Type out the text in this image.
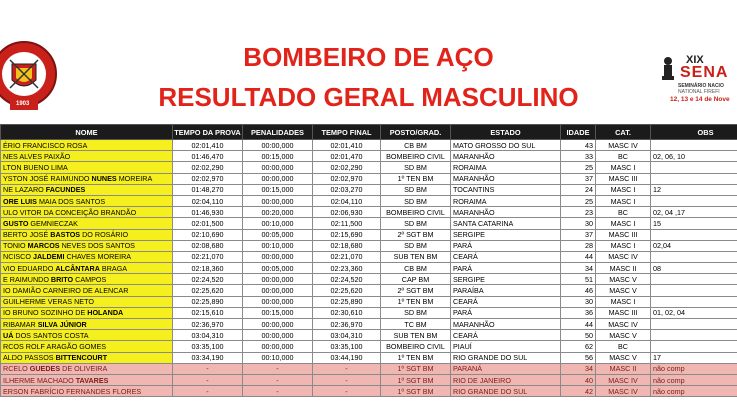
1903
XIX
SENA
SEMINÁRIO NACIO
NATIONAL FIREFI
12, 13 e 14 de Nove
BOMBEIRO DE AÇO
RESULTADO GERAL MASCULINO
NOME	TEMPO DA PROVA	PENALIDADES	TEMPO FINAL	POSTO/GRAD.	ESTADO	IDADE	CAT.	OBS
ÉRIO FRANCISCO ROSA	02:01,410	00:00,000	02:01,410	CB BM	MATO GROSSO DO SUL	43	MASC IV	
NES ALVES PAIXÃO	01:46,470	00:15,000	02:01,470	BOMBEIRO CIVIL	MARANHÃO	33	BC	02, 06, 10
LTON BUENO LIMA	02:02,290	00:00,000	02:02,290	SD BM	RORAIMA	25	MASC I	
YSTON JOSÉ RAIMUNDO NUNES MOREIRA	02:02,970	00:00,000	02:02,970	1º TEN BM	MARANHÃO	37	MASC III	
NE LAZARO FACUNDES	01:48,270	00:15,000	02:03,270	SD BM	TOCANTINS	24	MASC I	12
ORE LUIS MAIA DOS SANTOS	02:04,110	00:00,000	02:04,110	SD BM	RORAIMA	25	MASC I	
ULO VITOR DA CONCEIÇÃO BRANDÃO	01:46,930	00:20,000	02:06,930	BOMBEIRO CIVIL	MARANHÃO	23	BC	02, 04 ,17
GUSTO GEMNIECZAK	02:01,500	00:10,000	02:11,500	SD BM	SANTA CATARINA	30	MASC I	15
BERTO JOSÉ BASTOS DO ROSÁRIO	02:10,690	00:05,000	02:15,690	2º SGT BM	SERGIPE	37	MASC III	
TONIO MARCOS NEVES DOS SANTOS	02:08,680	00:10,000	02:18,680	SD BM	PARÁ	28	MASC I	02,04
NCISCO JALDEMI CHAVES MOREIRA	02:21,070	00:00,000	02:21,070	SUB TEN BM	CEARÁ	44	MASC IV	
VIO EDUARDO ALCÂNTARA BRAGA	02:18,360	00:05,000	02:23,360	CB BM	PARÁ	34	MASC II	08
E RAIMUNDO BRITO CAMPOS	02:24,520	00:00,000	02:24,520	CAP BM	SERGIPE	51	MASC V	
IO DAMIÃO CARNEIRO DE ALENCAR	02:25,620	00:00,000	02:25,620	2º SGT BM	PARAÍBA	46	MASC V	
GUILHERME VERAS NETO	02:25,890	00:00,000	02:25,890	1º TEN BM	CEARÁ	30	MASC I	
IO BRUNO SOZINHO DE HOLANDA	02:15,610	00:15,000	02:30,610	SD BM	PARÁ	36	MASC III	01, 02, 04
RIBAMAR SILVA JÚNIOR	02:36,970	00:00,000	02:36,970	TC BM	MARANHÃO	44	MASC IV	
UÁ DOS SANTOS COSTA	03:04,310	00:00,000	03:04,310	SUB TEN BM	CEARÁ	50	MASC V	
RCOS ROLF ARAGÃO GOMES	03:35,100	00:00,000	03:35,100	BOMBEIRO CIVIL	PIAUÍ	62	BC	
ALDO PASSOS BITTENCOURT	03:34,190	00:10,000	03:44,190	1º TEN BM	RIO GRANDE DO SUL	56	MASC V	17
RCELO GUEDES DE OLIVEIRA	-	-	-	1º SGT BM	PARANÁ	34	MASC II	não comp
ILHERME MACHADO TAVARES	-	-	-	1º SGT BM	RIO DE JANEIRO	40	MASC IV	não comp
ERSON FABRÍCIO FERNANDES FLORES	-	-	-	1º SGT BM	RIO GRANDE DO SUL	42	MASC IV	não comp
